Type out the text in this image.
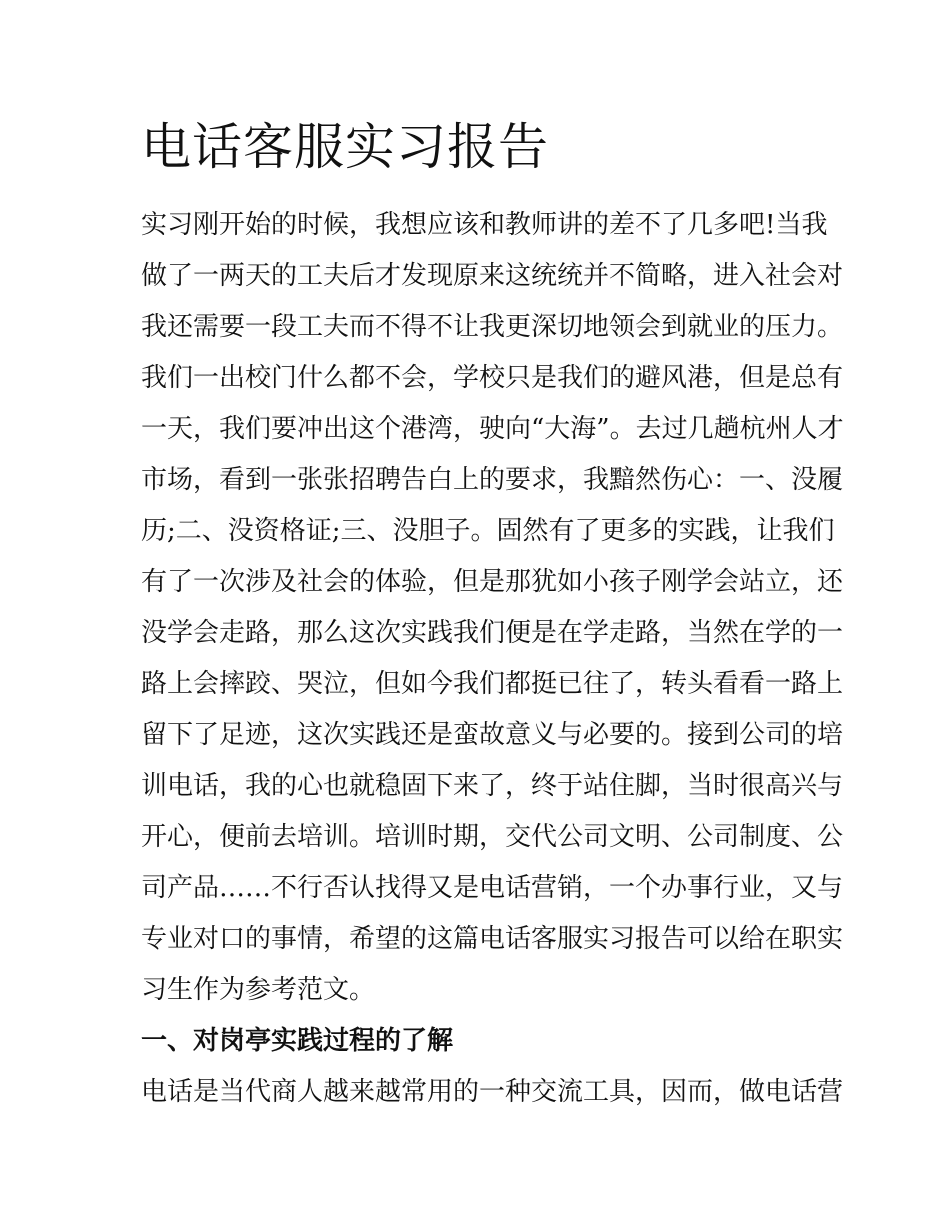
电话客服实习报告

实习刚开始的时候，我想应该和教师讲的差不了几多吧!当我
做了一两天的工夫后才发现原来这统统并不简略，进入社会对
我还需要一段工夫而不得不让我更深切地领会到就业的压力。
我们一出校门什么都不会，学校只是我们的避风港，但是总有
一天，我们要冲出这个港湾，驶向“大海”。去过几趟杭州人才
市场，看到一张张招聘告白上的要求，我黯然伤心：一、没履
历;二、没资格证;三、没胆子。固然有了更多的实践，让我们
有了一次涉及社会的体验，但是那犹如小孩子刚学会站立，还
没学会走路，那么这次实践我们便是在学走路，当然在学的一
路上会摔跤、哭泣，但如今我们都挺已往了，转头看看一路上
留下了足迹，这次实践还是蛮故意义与必要的。接到公司的培
训电话，我的心也就稳固下来了，终于站住脚，当时很高兴与
开心，便前去培训。培训时期，交代公司文明、公司制度、公
司产品……不行否认找得又是电话营销，一个办事行业，又与
专业对口的事情，希望的这篇电话客服实习报告可以给在职实
习生作为参考范文。

一、对岗亭实践过程的了解

电话是当代商人越来越常用的一种交流工具，因而，做电话营
